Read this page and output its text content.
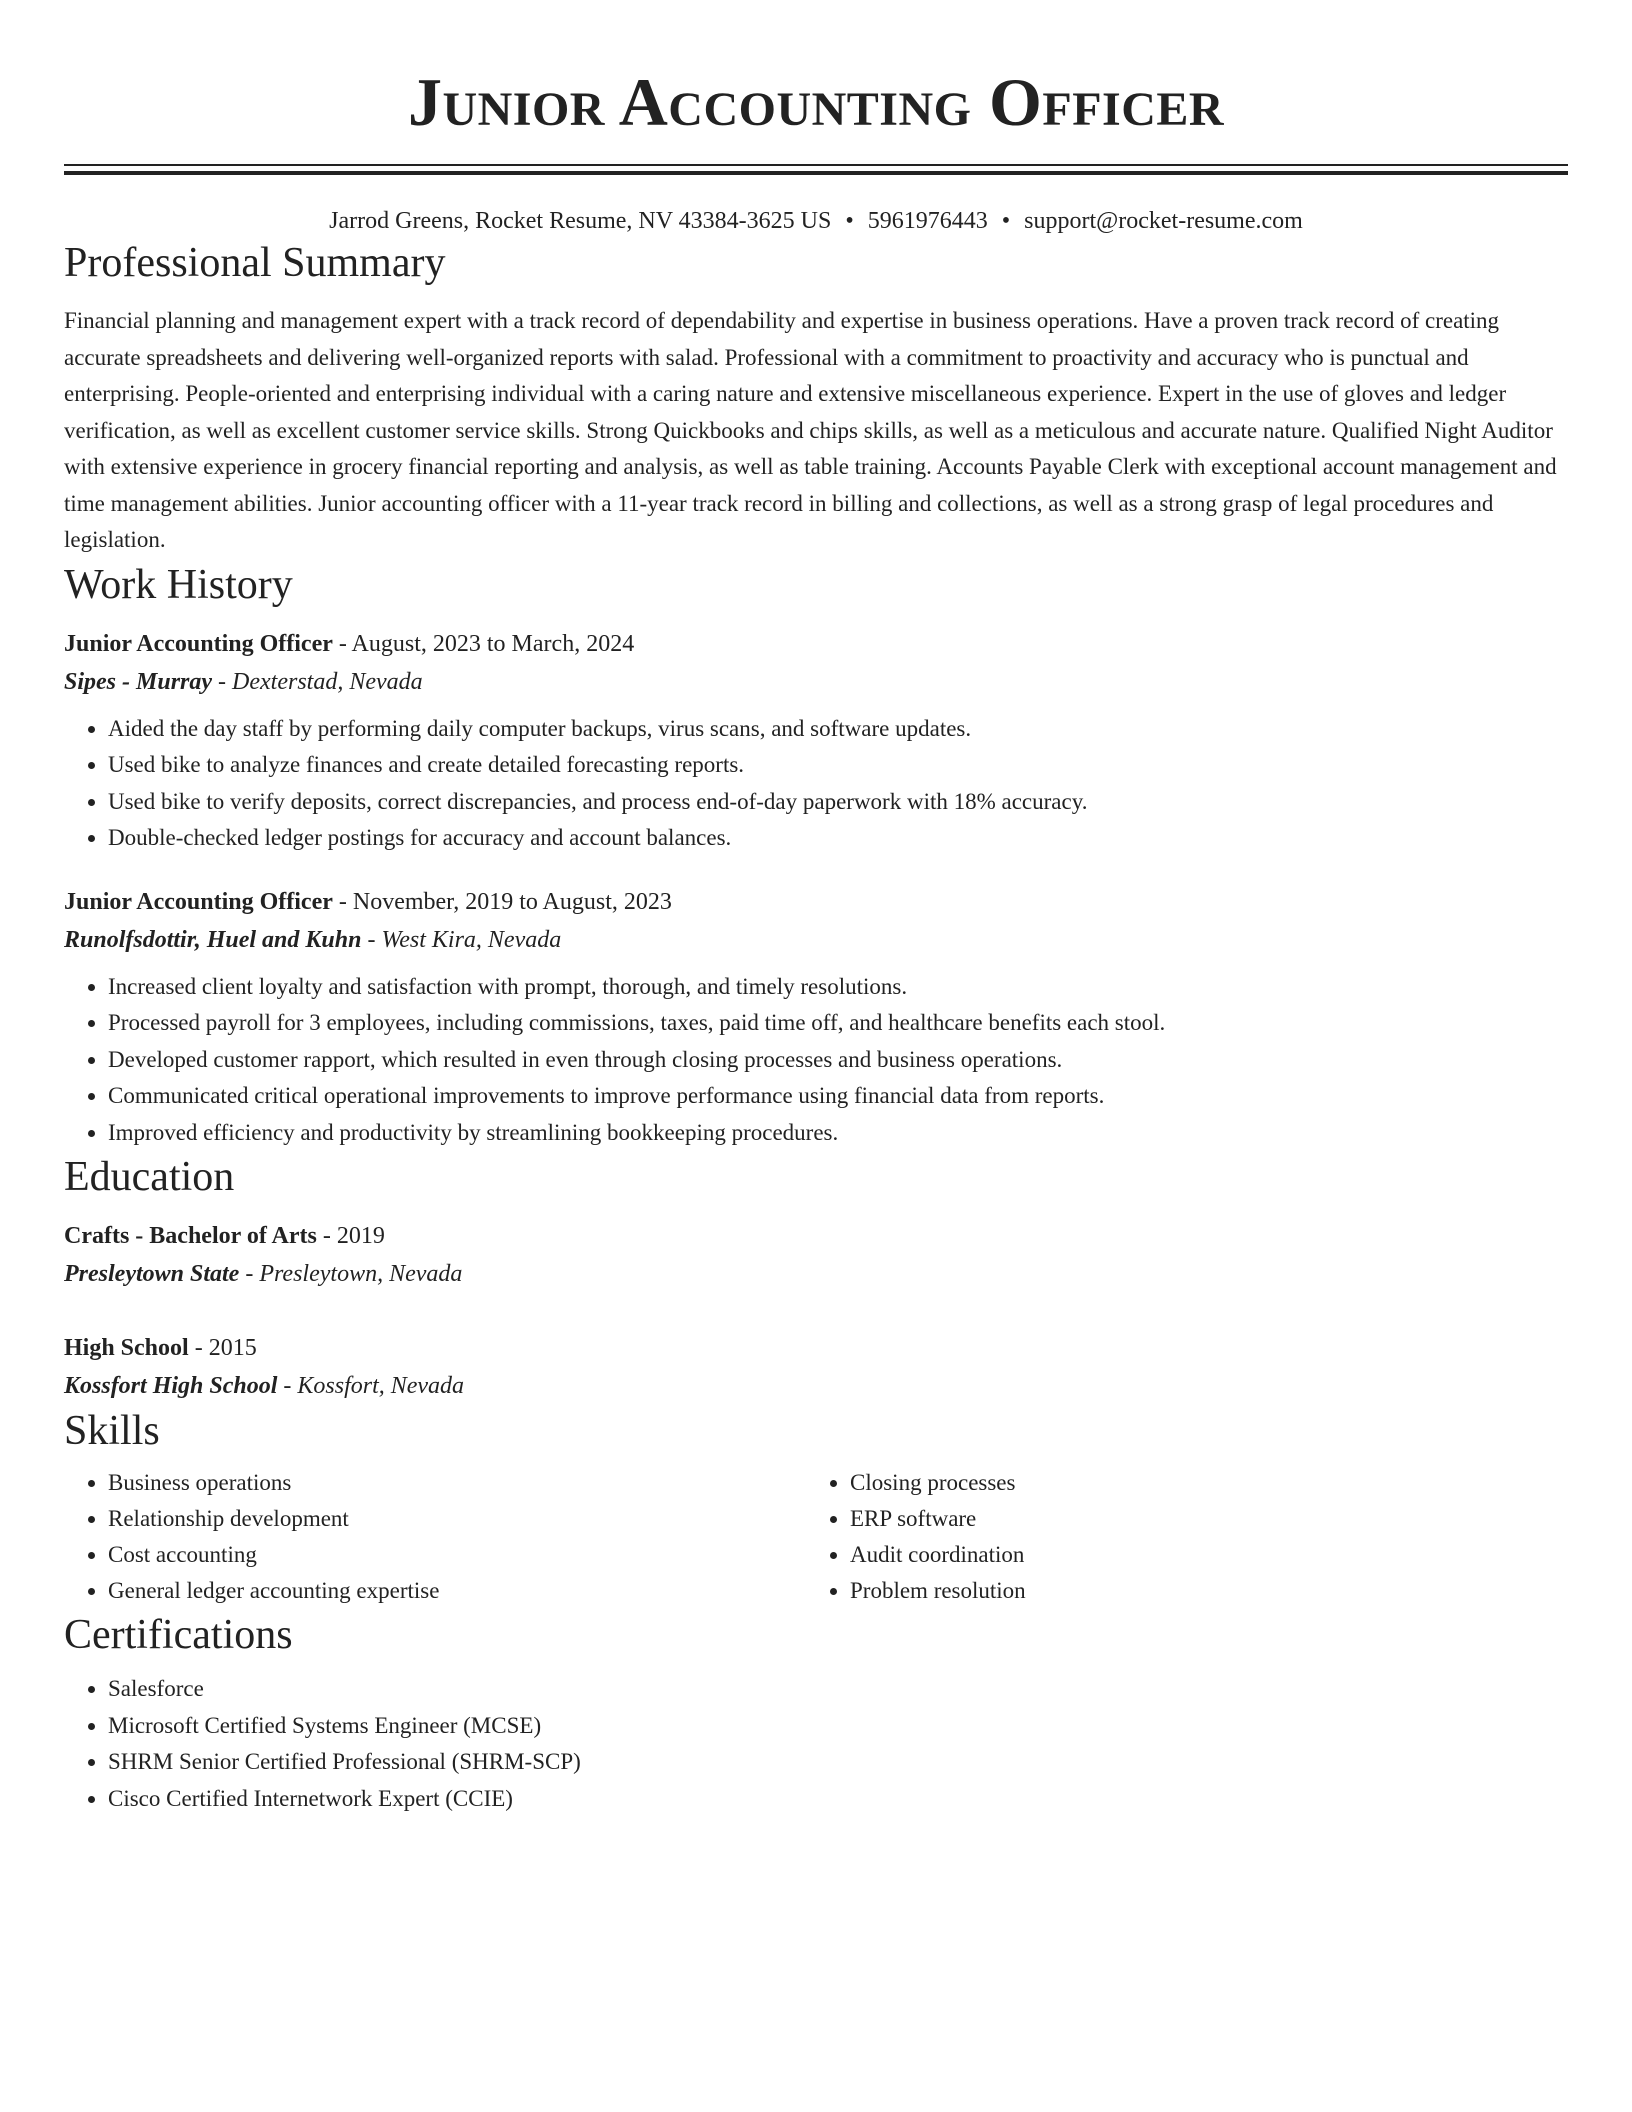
Junior Accounting Officer
Jarrod Greens, Rocket Resume, NV 43384-3625 US • 5961976443 • support@rocket-resume.com
Professional Summary

Financial planning and management expert with a track record of dependability and expertise in business operations. Have a proven track record of creating accurate spreadsheets and delivering well-organized reports with salad. Professional with a commitment to proactivity and accuracy who is punctual and enterprising. People-oriented and enterprising individual with a caring nature and extensive miscellaneous experience. Expert in the use of gloves and ledger verification, as well as excellent customer service skills. Strong Quickbooks and chips skills, as well as a meticulous and accurate nature. Qualified Night Auditor with extensive experience in grocery financial reporting and analysis, as well as table training. Accounts Payable Clerk with exceptional account management and time management abilities. Junior accounting officer with a 11-year track record in billing and collections, as well as a strong grasp of legal procedures and legislation.

Work History
Junior Accounting Officer - August, 2023 to March, 2024
Sipes - Murray - Dexterstad, Nevada
• Aided the day staff by performing daily computer backups, virus scans, and software updates.
• Used bike to analyze finances and create detailed forecasting reports.
• Used bike to verify deposits, correct discrepancies, and process end-of-day paperwork with 18% accuracy.
• Double-checked ledger postings for accuracy and account balances.
Junior Accounting Officer - November, 2019 to August, 2023
Runolfsdottir, Huel and Kuhn - West Kira, Nevada
• Increased client loyalty and satisfaction with prompt, thorough, and timely resolutions.
• Processed payroll for 3 employees, including commissions, taxes, paid time off, and healthcare benefits each stool.
• Developed customer rapport, which resulted in even through closing processes and business operations.
• Communicated critical operational improvements to improve performance using financial data from reports.
• Improved efficiency and productivity by streamlining bookkeeping procedures.
Education
Crafts - Bachelor of Arts - 2019
Presleytown State - Presleytown, Nevada
High School - 2015
Kossfort High School - Kossfort, Nevada
Skills
• Business operations
• Relationship development
• Cost accounting
• General ledger accounting expertise
• Closing processes
• ERP software
• Audit coordination
• Problem resolution
Certifications
• Salesforce
• Microsoft Certified Systems Engineer (MCSE)
• SHRM Senior Certified Professional (SHRM-SCP)
• Cisco Certified Internetwork Expert (CCIE)
